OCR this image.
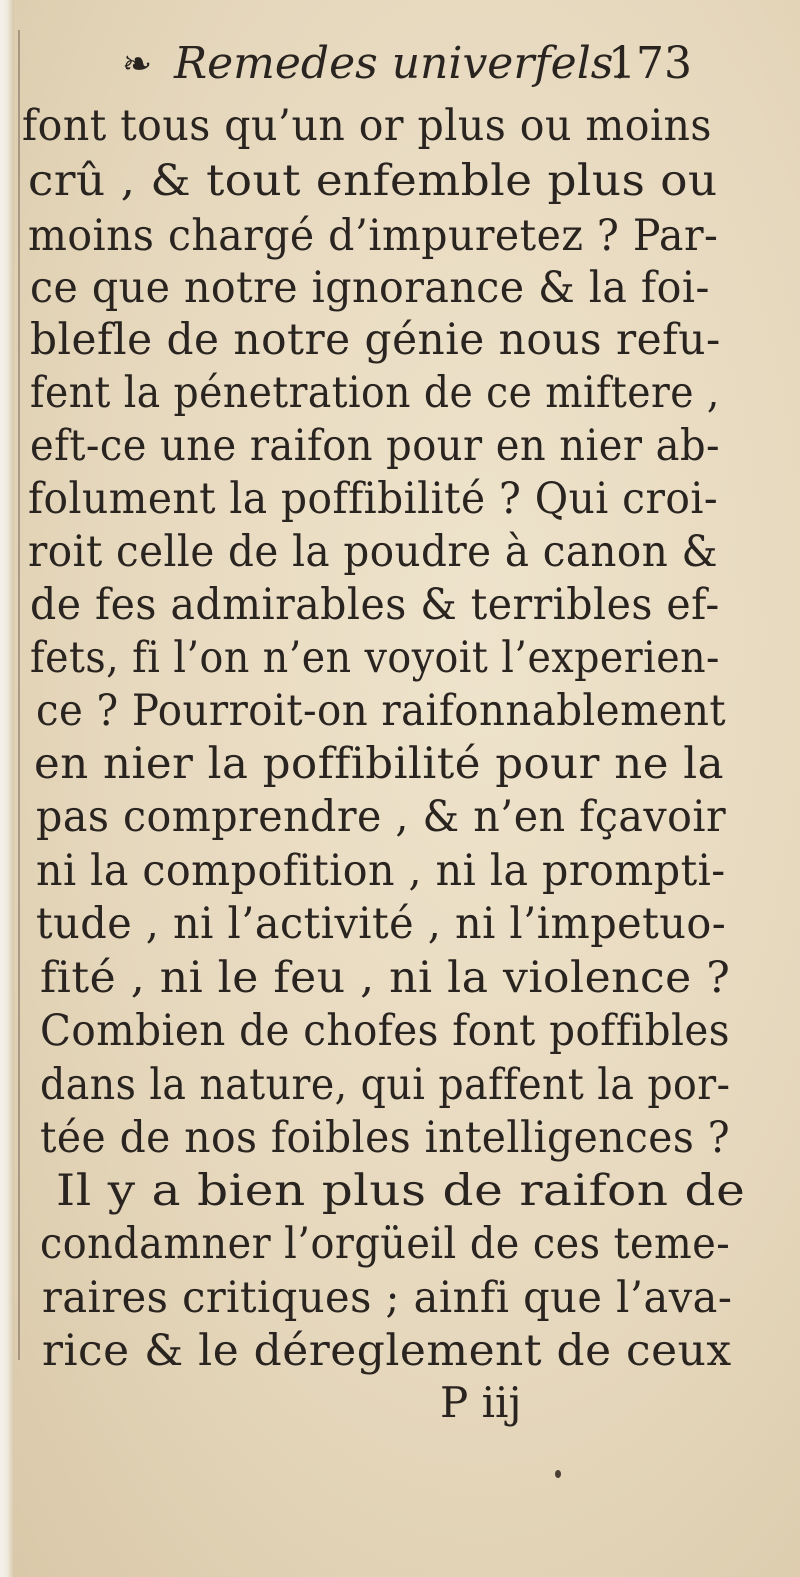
❧ Remedes univerfels.
173
font tous qu’un or plus ou moins
crû , & tout enfemble plus ou
moins chargé d’impuretez ? Par-
ce que notre ignorance & la foi-
blefle de notre génie nous refu-
fent la pénetration de ce miftere ,
eft-ce une raifon pour en nier ab-
folument la poffibilité ? Qui croi-
roit celle de la poudre à canon &
de fes admirables & terribles ef-
fets, fi l’on n’en voyoit l’experien-
ce ? Pourroit-on raifonnablement
en nier la poffibilité pour ne la
pas comprendre , & n’en fçavoir
ni la compofition , ni la prompti-
tude , ni l’activité , ni l’impetuo-
fité , ni le feu , ni la violence ?
Combien de chofes font poffibles
dans la nature, qui paffent la por-
tée de nos foibles intelligences ?
Il y a bien plus de raifon de
condamner l’orgüeil de ces teme-
raires critiques ; ainfi que l’ava-
rice & le déreglement de ceux
P iij
